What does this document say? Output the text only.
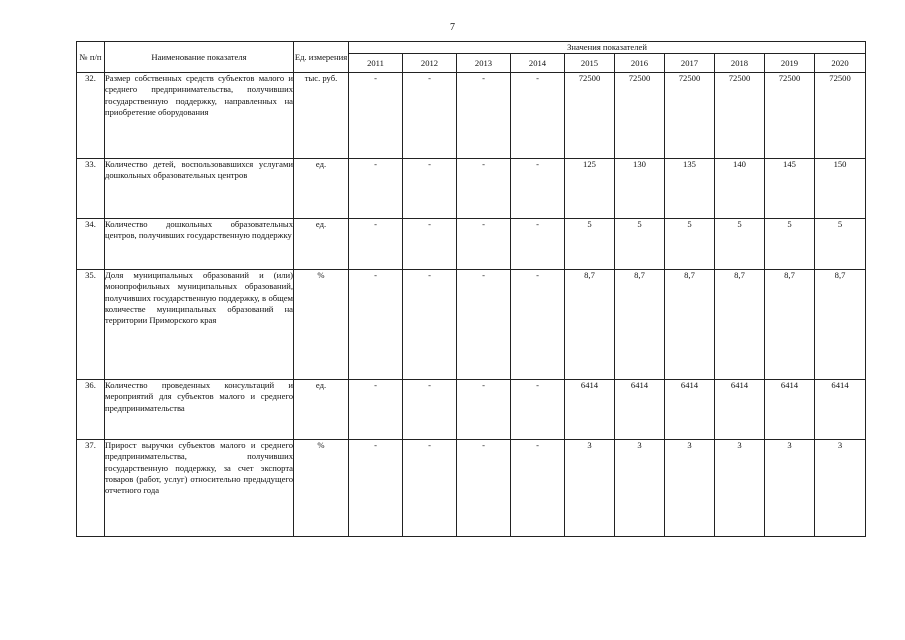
7
№ п/п	Наименование показателя	Ед. измерения	Значения показателей									
			2011	2012	2013	2014	2015	2016	2017	2018	2019	2020
32.	Размер собственных средств субъектов малого и среднего предпринимательства, получивших государственную поддержку, направленных на приобретение оборудования	тыс. руб.	-	-	-	-	72500	72500	72500	72500	72500	72500
33.	Количество детей, воспользовавшихся услугами дошкольных образовательных центров	ед.	-	-	-	-	125	130	135	140	145	150
34.	Количество дошкольных образовательных центров, получивших государственную поддержку	ед.	-	-	-	-	5	5	5	5	5	5
35.	Доля муниципальных образований и (или) монопрофильных муниципальных образований, получивших государственную поддержку, в общем количестве муниципальных образований на территории Приморского края	%	-	-	-	-	8,7	8,7	8,7	8,7	8,7	8,7
36.	Количество проведенных консультаций и мероприятий для субъектов малого и среднего предпринимательства	ед.	-	-	-	-	6414	6414	6414	6414	6414	6414
37.	Прирост выручки субъектов малого и среднего предпринимательства, получивших государственную поддержку, за счет экспорта товаров (работ, услуг) относительно предыдущего отчетного года	%	-	-	-	-	3	3	3	3	3	3
